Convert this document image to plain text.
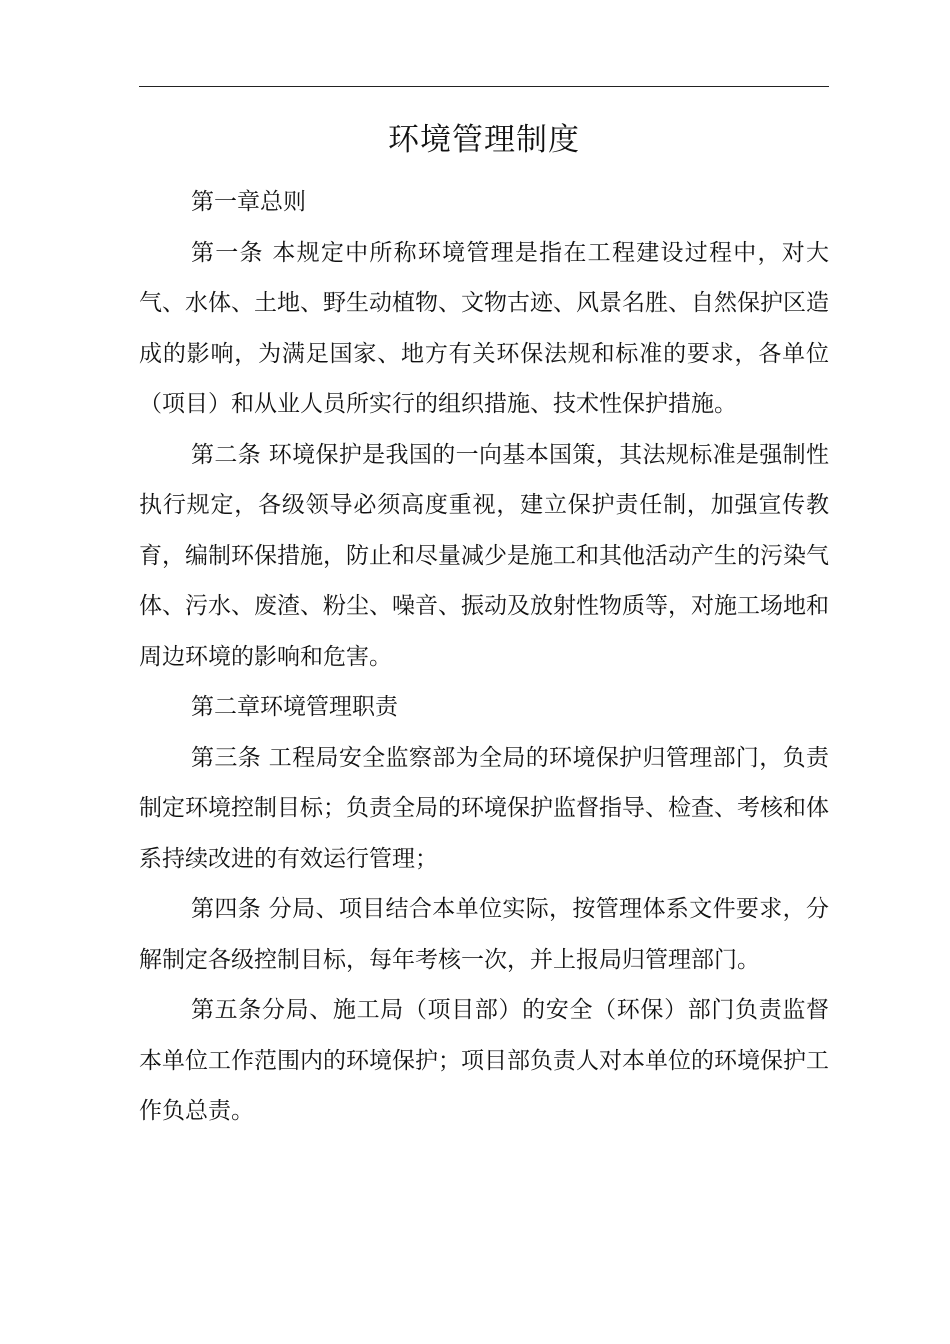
环境管理制度

第一章总则

第一条 本规定中所称环境管理是指在工程建设过程中，对大气、水体、土地、野生动植物、文物古迹、风景名胜、自然保护区造成的影响，为满足国家、地方有关环保法规和标准的要求，各单位（项目）和从业人员所实行的组织措施、技术性保护措施。

第二条 环境保护是我国的一向基本国策，其法规标准是强制性执行规定，各级领导必须高度重视，建立保护责任制，加强宣传教育，编制环保措施，防止和尽量减少是施工和其他活动产生的污染气体、污水、废渣、粉尘、噪音、振动及放射性物质等，对施工场地和周边环境的影响和危害。

第二章环境管理职责

第三条 工程局安全监察部为全局的环境保护归管理部门，负责制定环境控制目标；负责全局的环境保护监督指导、检查、考核和体系持续改进的有效运行管理；

第四条 分局、项目结合本单位实际，按管理体系文件要求，分解制定各级控制目标，每年考核一次，并上报局归管理部门。

第五条分局、施工局（项目部）的安全（环保）部门负责监督本单位工作范围内的环境保护；项目部负责人对本单位的环境保护工作负总责。
